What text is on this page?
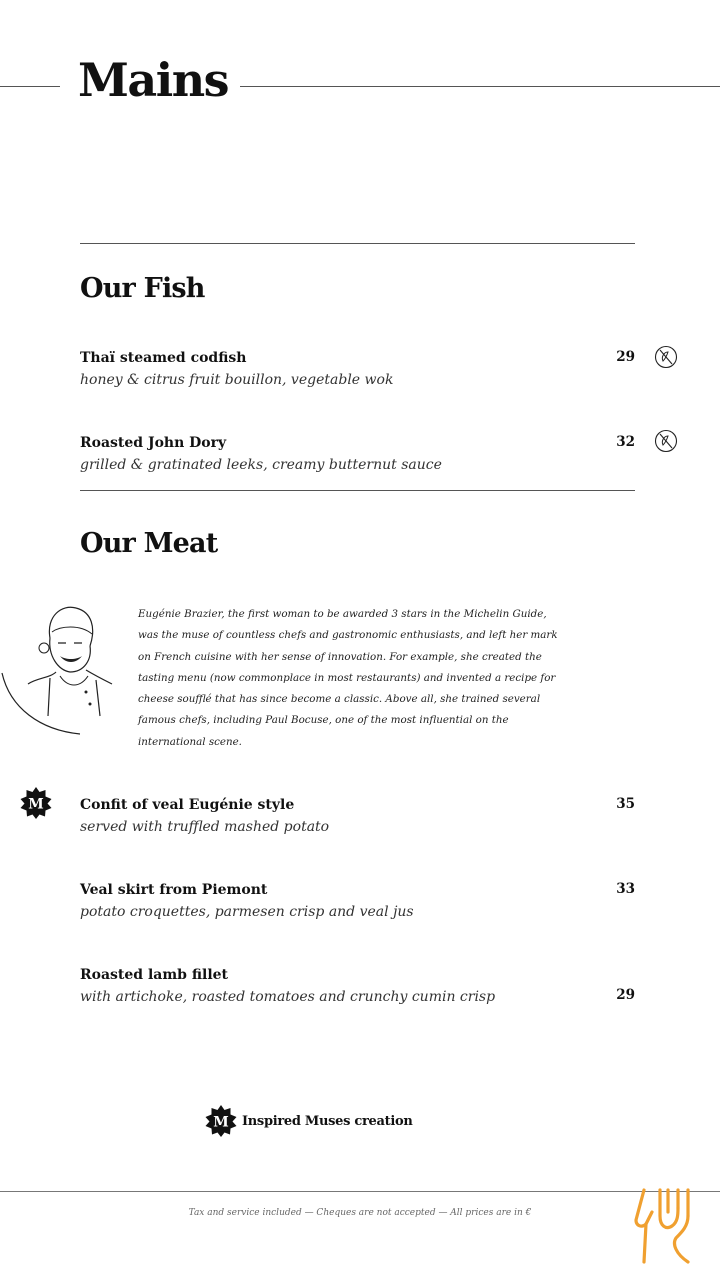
Mains
Our Fish
Thaï steamed codfish
honey & citrus fruit bouillon, vegetable wok
29
Roasted John Dory
grilled & gratinated leeks, creamy butternut sauce
32
Our Meat
Eugénie Brazier, the first woman to be awarded 3 stars in the Michelin Guide, was the muse of countless chefs and gastronomic enthusiasts, and left her mark on French cuisine with her sense of innovation. For example, she created the tasting menu (now commonplace in most restaurants) and invented a recipe for cheese soufflé that has since become a classic. Above all, she trained several famous chefs, including Paul Bocuse, one of the most influential on the international scene.
M	Confit of veal Eugénie style
served with truffled mashed potato
35
Veal skirt from Piemont
potato croquettes, parmesen crisp and veal jus
33
Roasted lamb fillet
with artichoke, roasted tomatoes and crunchy cumin crisp	29
M Inspired Muses creation
Tax and service included — Cheques are not accepted — All prices are in €
